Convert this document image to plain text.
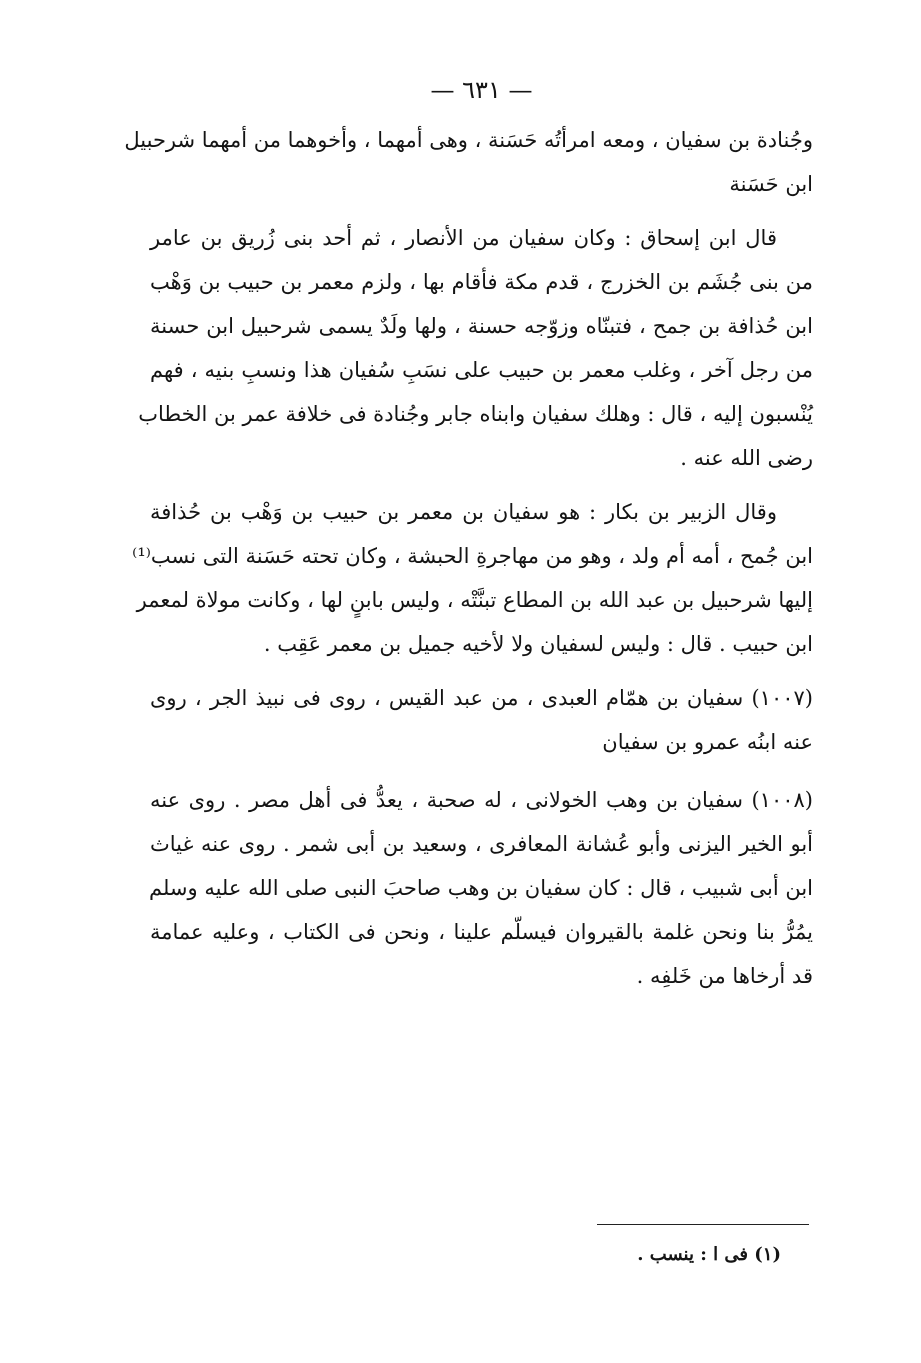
— ٦٣١ —
وجُنادة بن سفيان ، ومعه امرأتُه حَسَنة ، وهى أمهما ، وأخوهما من أمهما شرحبيل
ابن حَسَنة
قال ابن إسحاق : وكان سفيان من الأنصار ، ثم أحد بنى زُريق بن عامر
من بنى جُشَم بن الخزرج ، قدم مكة فأقام بها ، ولزم معمر بن حبيب بن وَهْب
ابن حُذافة بن جمح ، فتبنّاه وزوّجه حسنة ، ولها ولَدٌ يسمى شرحبيل ابن حسنة
من رجل آخر ، وغلب معمر بن حبيب على نسَبِ سُفيان هذا ونسبِ بنيه ، فهم
يُنْسبون إليه ، قال : وهلك سفيان وابناه جابر وجُنادة فى خلافة عمر بن الخطاب
رضى الله عنه .
وقال الزبير بن بكار : هو سفيان بن معمر بن حبيب بن وَهْب بن حُذافة
ابن جُمح ، أمه أم ولد ، وهو من مهاجرةِ الحبشة ، وكان تحته حَسَنة التى نسب⁽¹⁾
إليها شرحبيل بن عبد الله بن المطاع تبنَّتْه ، وليس بابنٍ لها ، وكانت مولاة لمعمر
ابن حبيب . قال : وليس لسفيان ولا لأخيه جميل بن معمر عَقِب .
(١٠٠٧) سفيان بن همّام العبدى ، من عبد القيس ، روى فى نبيذ الجر ، روى
عنه ابنُه عمرو بن سفيان
(١٠٠٨) سفيان بن وهب الخولانى ، له صحبة ، يعدُّ فى أهل مصر . روى عنه
أبو الخير اليزنى وأبو عُشانة المعافرى ، وسعيد بن أبى شمر . روى عنه غياث
ابن أبى شبيب ، قال : كان سفيان بن وهب صاحبَ النبى صلى الله عليه وسلم
يمُرُّ بنا ونحن غلمة بالقيروان فيسلّم علينا ، ونحن فى الكتاب ، وعليه عمامة
قد أرخاها من خَلفِه .
(١) فى ا : ينسب .
